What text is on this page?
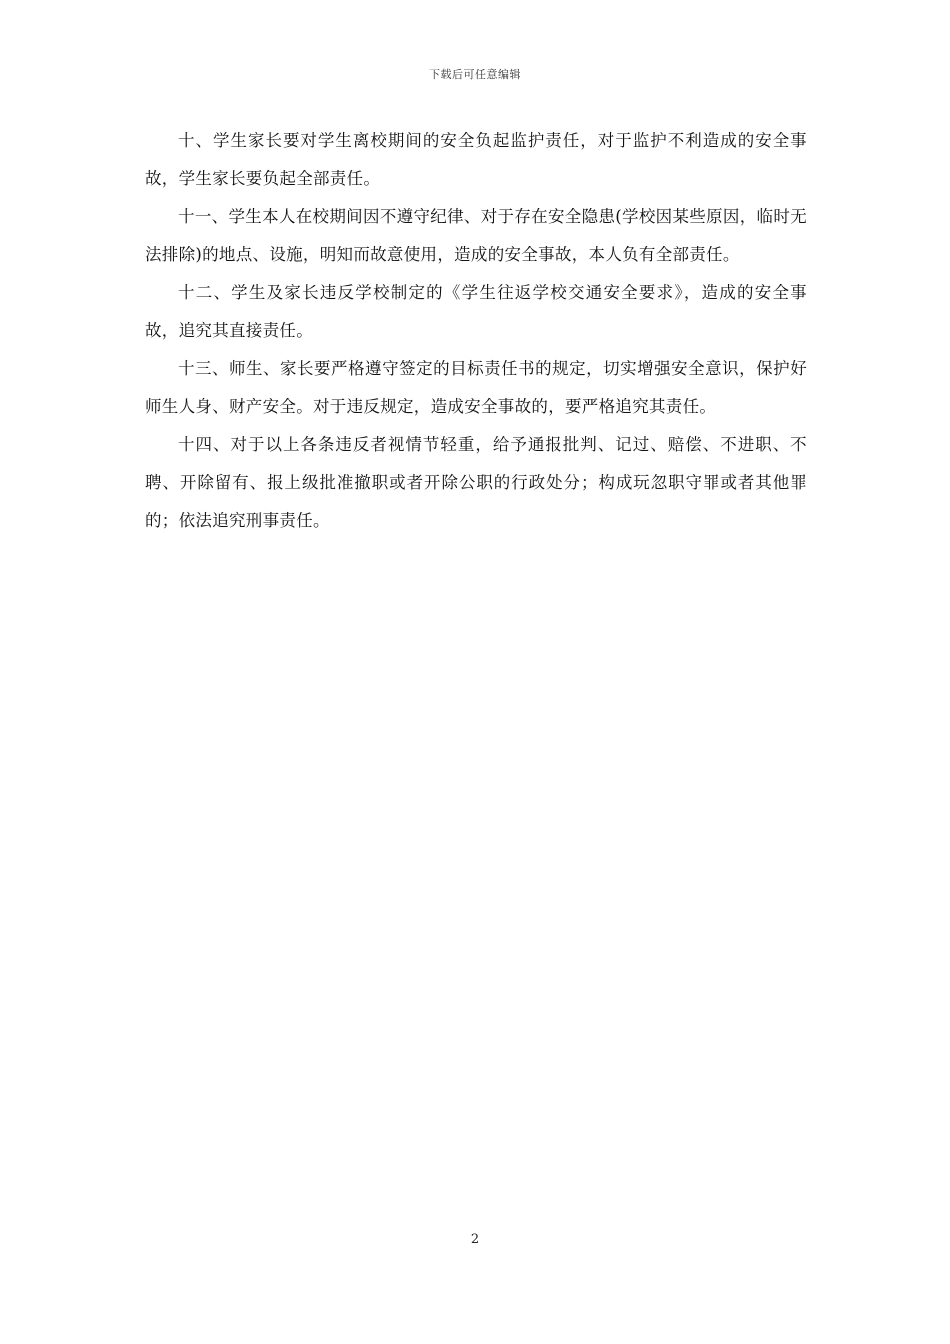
下载后可任意编辑

十、学生家长要对学生离校期间的安全负起监护责任，对于监护不利造成的安全事故，学生家长要负起全部责任。

十一、学生本人在校期间因不遵守纪律、对于存在安全隐患(学校因某些原因，临时无法排除)的地点、设施，明知而故意使用，造成的安全事故，本人负有全部责任。

十二、学生及家长违反学校制定的《学生往返学校交通安全要求》，造成的安全事故，追究其直接责任。

十三、师生、家长要严格遵守签定的目标责任书的规定，切实增强安全意识，保护好师生人身、财产安全。对于违反规定，造成安全事故的，要严格追究其责任。

十四、对于以上各条违反者视情节轻重，给予通报批判、记过、赔偿、不进职、不聘、开除留有、报上级批准撤职或者开除公职的行政处分；构成玩忽职守罪或者其他罪的；依法追究刑事责任。

2
